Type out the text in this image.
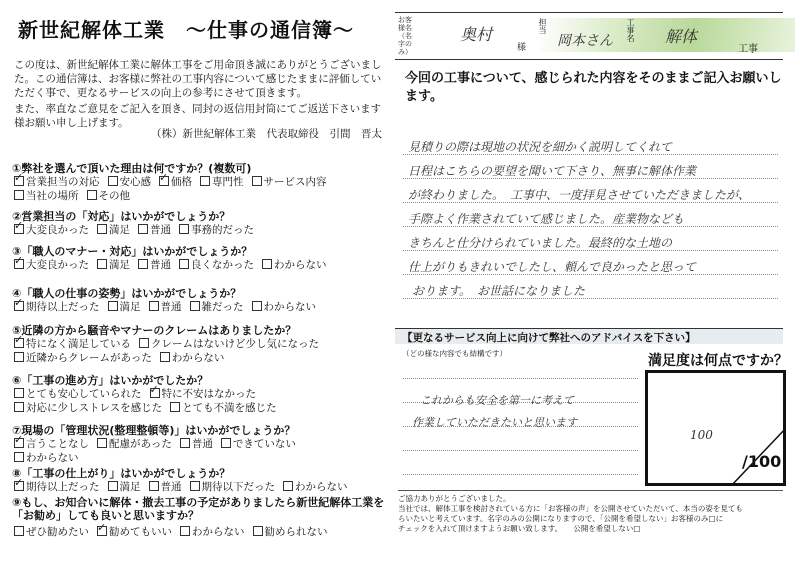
新世紀解体工業　～仕事の通信簿～

この度は、新世紀解体工業に解体工事をご用命頂き誠にありがとうございました。この通信簿は、お客様に弊社の工事内容について感じたままに評価していただく事で、更なるサービスの向上の参考にさせて頂きます。

また、率直なご意見をご記入を頂き、同封の返信用封筒にてご返送下さいます様お願い申し上げます。

（株）新世紀解体工業　代表取締役　引間　晋太
①弊社を選んで頂いた理由は何ですか？(複数可)
✓営業担当の対応 安心感 ✓ 価格 専門性 サービス内容
当社の場所 その他
②営業担当の「対応」はいかがでしょうか？
✓大変良かった 満足 普通 事務的だった
③「職人のマナー・対応」はいかがでしょうか？
✓大変良かった 満足 普通 良くなかった わからない
④「職人の仕事の姿勢」はいかがでしょうか？
✓期待以上だった 満足 普通 雑だった わからない
⑤近隣の方から騒音やマナーのクレームはありましたか？
✓特になく満足している クレームはないけど少し気になった
近隣からクレームがあった わからない
⑥「工事の進め方」はいかがでしたか？
とても安心していられた ✓ 特に不安はなかった
対応に少しストレスを感じた とても不満を感じた
⑦現場の「管理状況(整理整頓等)」はいかがでしょうか？
✓言うことなし 配慮があった 普通 できていない
わからない
⑧「工事の仕上がり」はいかがでしょうか？
✓期待以上だった 満足 普通 期待以下だった わからない
⑨もし、お知合いに解体・撤去工事の予定がありましたら新世紀解体工業を「お勧め」しても良いと思いますか？
ぜひ勧めたい ✓ 勧めてもいい わからない 勧められない
お客様名（名字のみ）
奥村
様
担当
岡本さん 工事名 解体
工事
今回の工事について、感じられた内容をそのままご記入お願いします。
見積りの際は現地の状況を細かく説明してくれて
日程はこちらの要望を聞いて下さり、無事に解体作業
が終わりました。　工事中、一度拝見させていただきましたが、
手際よく作業されていて感じました。産業物なども
きちんと仕分けられていました。最終的な土地の
仕上がりもきれいでしたし、頼んで良かったと思って
おります。　お世話になりました
【更なるサービス向上に向けて弊社へのアドバイスを下さい】
（どの様な内容でも結構です）
これからも安全を第一に考えて
作業していただきたいと思います
満足度は何点ですか？
100
/100
ご協力ありがとうございました。
当社では、解体工事を検討されている方に「お客様の声」を公開させていただいて、本当の姿を見ても
らいたいと考えています。名字のみの公開になりますので、「公開を希望しない」お客様のみ□に
チェックを入れて頂けますようお願い致します。　　公開を希望しない□
